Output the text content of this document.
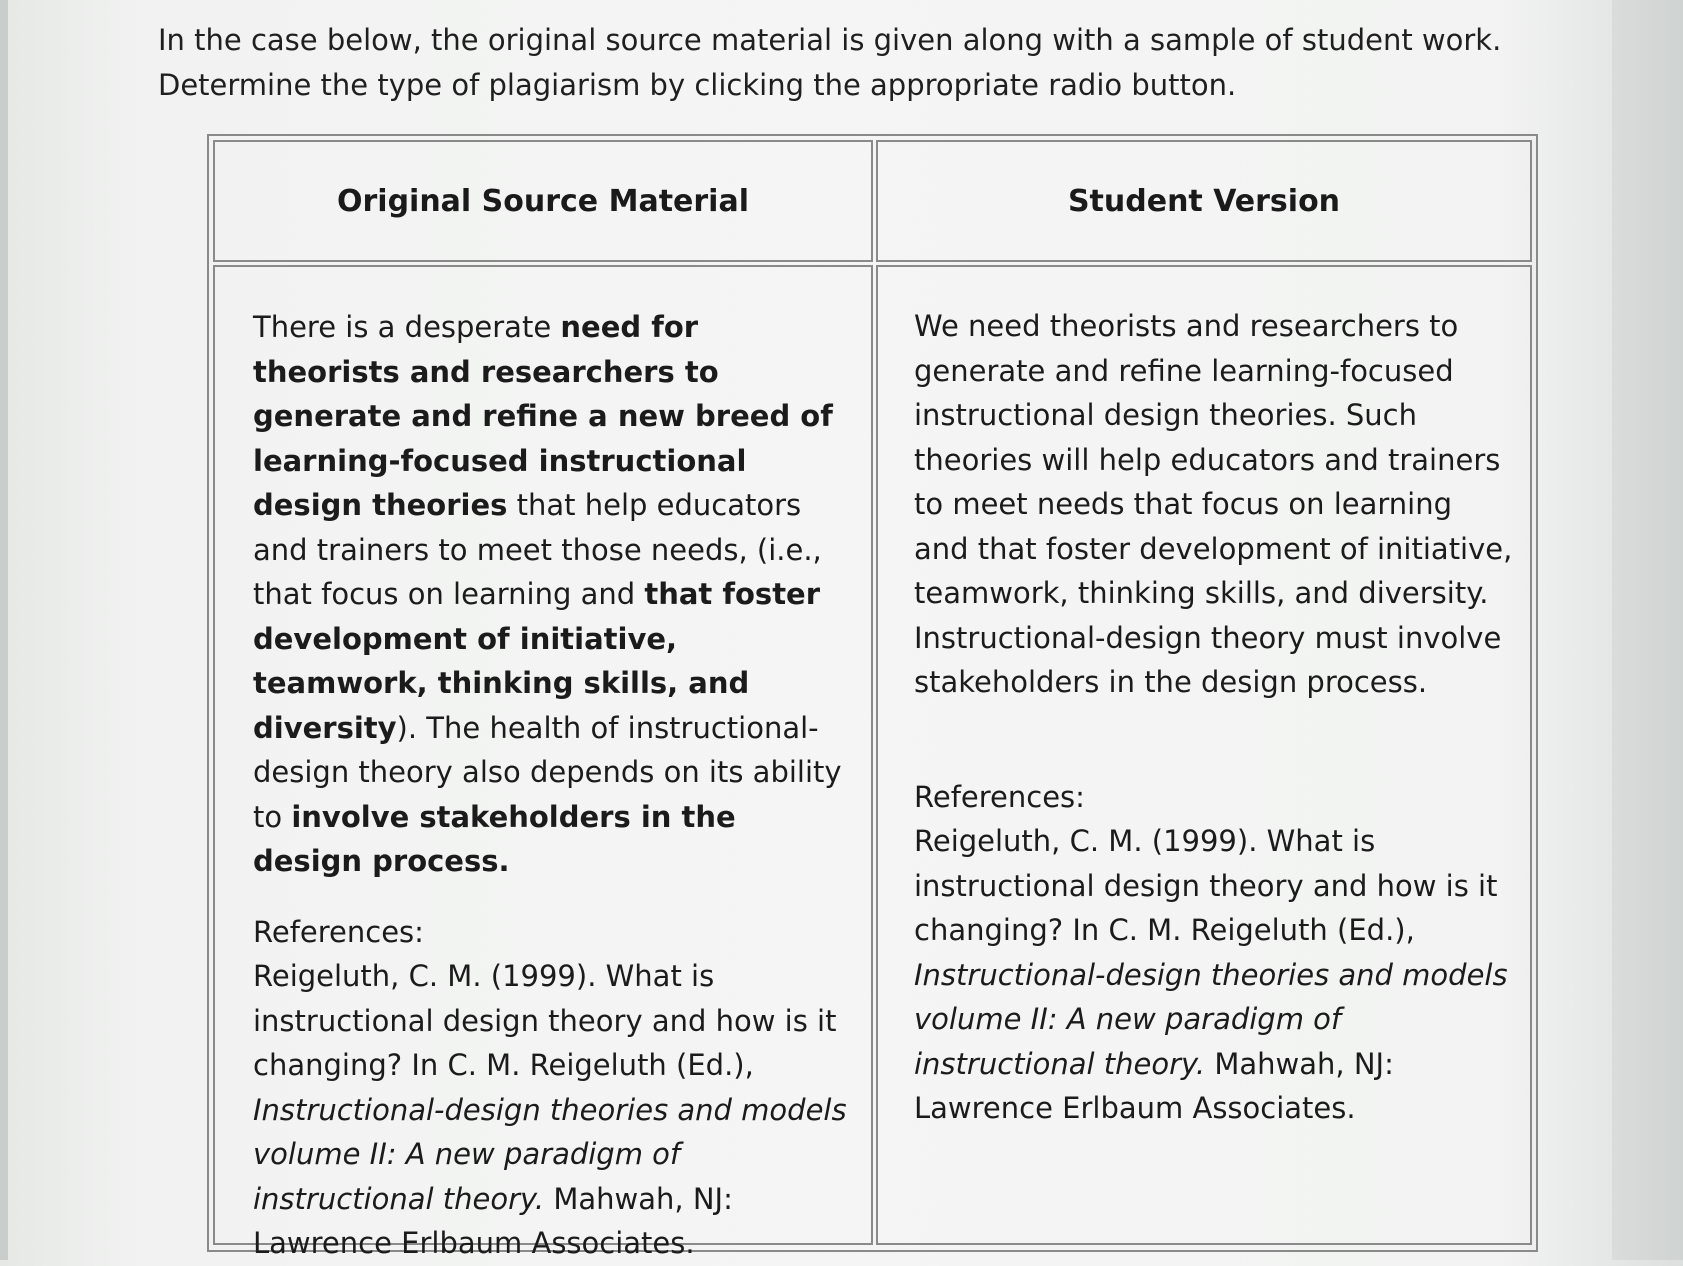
In the case below, the original source material is given along with a sample of student work.

Determine the type of plagiarism by clicking the appropriate radio button.

Original Source Material	Student Version

There is a desperate need for theorists and researchers to generate and refine a new breed of learning-focused instructional design theories that help educators and trainers to meet those needs, (i.e., that focus on learning and that foster development of initiative, teamwork, thinking skills, and diversity). The health of instructional-design theory also depends on its ability to involve stakeholders in the design process.

References:

Reigeluth, C. M. (1999). What is instructional design theory and how is it changing? In C. M. Reigeluth (Ed.), Instructional-design theories and models volume II: A new paradigm of instructional theory. Mahwah, NJ: Lawrence Erlbaum Associates.

We need theorists and researchers to generate and refine learning-focused instructional design theories. Such theories will help educators and trainers to meet needs that focus on learning and that foster development of initiative, teamwork, thinking skills, and diversity. Instructional-design theory must involve stakeholders in the design process.

References:

Reigeluth, C. M. (1999). What is instructional design theory and how is it changing? In C. M. Reigeluth (Ed.), Instructional-design theories and models volume II: A new paradigm of instructional theory. Mahwah, NJ: Lawrence Erlbaum Associates.
